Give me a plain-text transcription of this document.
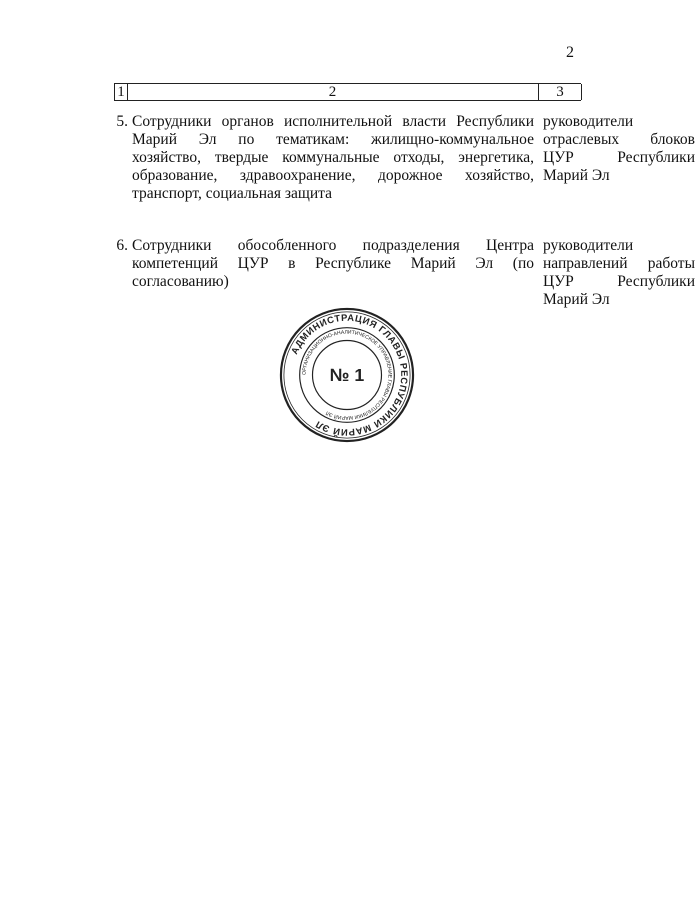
2
1	2	3
5. Сотрудники органов исполнительной власти Республики Марий Эл по тематикам: жилищно-коммунальное хозяйство, твердые коммунальные отходы, энергетика, образование, здравоохранение, дорожное хозяйство, транспорт, социальная защита
руководители отраслевых блоков ЦУР Республики Марий Эл
6. Сотрудники обособленного подразделения Центра компетенций ЦУР в Республике Марий Эл (по согласованию)
руководители направлений работы ЦУР Республики Марий Эл
АДМИНИСТРАЦИЯ ГЛАВЫ РЕСПУБЛИКИ МАРИЙ ЭЛ
ОРГАНИЗАЦИОННО-АНАЛИТИЧЕСКОЕ УПРАВЛЕНИЕ ГЛАВЫ РЕСПУБЛИКИ МАРИЙ ЭЛ
№ 1
